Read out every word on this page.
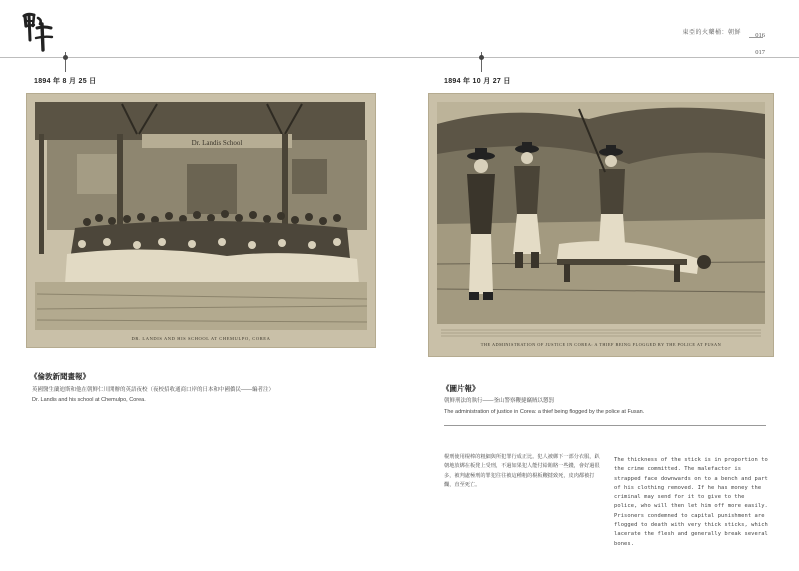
東亞的火藥桶：朝鮮 016
017
1894 年 8 月 25 日	1894 年 10 月 27 日
Dr. Landis School
DR. LANDIS AND HIS SCHOOL AT CHEMULPO, COREA
THE ADMINISTRATION OF JUSTICE IN COREA: A THIEF BEING FLOGGED BY THE POLICE AT FUSAN
《倫敦新聞畫報》
英國醫生蘭迪斯和他在朝鮮仁川開辦的英語夜校（夜校招收通商口岸的日本和中國僑民——編者注）
Dr. Landis and his school at Chemulpo, Corea.
《圖片報》
朝鮮刑法的執行——釜山警察鞭撻竊賊以懲罰
The administration of justice in Corea: a thief being flogged by the police at Fusan.
棍刑使用棍棒的粗細與所犯罪行成正比。犯人被綁下一部分衣服，趴朝地放綁在板凳上受刑，不過如果犯人能付給賄賂一些錢，會好過很多，被判處極刑的罪犯往往被這種粗的棍板鞭撻致死，皮肉都被打爛，直至死亡。
The thickness of the stick is in proportion to the crime committed. The malefactor is strapped face downwards on to a bench and part of his clothing removed. If he has money the criminal may send for it to give to the police, who will then let him off more easily. Prisoners condemned to capital punishment are flogged to death with very thick sticks, which lacerate the flesh and generally break several bones.
